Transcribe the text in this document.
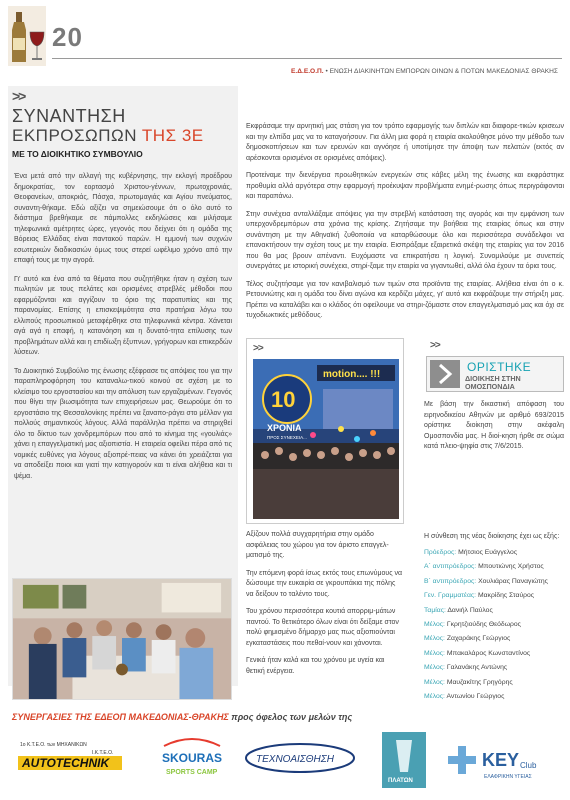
20
Ε.Δ.Ε.Ο.Π. • ΕΝΩΣΗ ΔΙΑΚΙΝΗΤΩΝ ΕΜΠΟΡΩΝ ΟΙΝΩΝ & ΠΟΤΩΝ ΜΑΚΕΔΟΝΙΑΣ ΘΡΑΚΗΣ
>>
ΣΥΝΑΝΤΗΣΗ
ΕΚΠΡΟΣΩΠΩΝ ΤΗΣ 3Ε
ΜΕ ΤΟ ΔΙΟΙΚΗΤΙΚΟ ΣΥΜΒΟΥΛΙΟ

Ένα μετά από την αλλαγή της κυβέρνησης, την εκλογή προέδρου δημοκρατίας, τον εορτασμό Χριστου-γέννων, πρωτοχρονιάς, Θεοφανείων, αποκριάς, Πάσχα, πρωτομαγιάς και Αγίου πνεύματος, συναντη-θήκαμε. Εδώ αξίζει να σημειώσουμε ότι ο όλο αυτό το διάστημα βρεθήκαμε σε πάμπολλες εκδηλώσεις και μιλήσαμε τηλεφωνικά αμέτρητες ώρες, γεγονός που δείχνει ότι η ομάδα της Βόρειας Ελλάδας είναι παντακού παρών. Η εμμονή των συχνών εσωτερικών διαδικασιών όμως τους στερεί ωφέλιμο χρόνο από την επαφή τους με την αγορά.

Γι' αυτό και ένα από τα θέματα που συζητήθηκε ήταν η σχέση των πωλητών με τους πελάτες και ορισμένες στρεβλές μέθοδοι που εφαρμόζονται και αγγίζουν το όριο της παρατυπίας και της παρανομίας. Επίσης η επισκεψιμότητα στα πρατήρια λόγω του ελλιπούς προσωπικού μεταφέρθηκε στα τηλεφωνικά κέντρα. Χάνεται αγά αγά η επαφή, η κατανόηση και η δυνατό-τητα επίλυσης των προβλημάτων αλλά και η επιδίωξη έξυπνων, γρήγορων και επικερδών λύσεων.

Το Διοικητικό Συμβούλιο της ένωσης εξέφρασε τις απόψεις του για την παραπληροφόρηση του καταναλω-τικού κοινού σε σχέση με το κλείσιμο του εργοστασίου και την απόλυση των εργαζομένων. Γεγονός που θίγει την βιωσιμότητα των επιχειρήσεων μας. Θεωρούμε ότι το εργοστάσιο της Θεσσαλονίκης πρέπει να ξαναπο-ράγει στο μέλλον για πολλούς σημαντικούς λόγους. Αλλά παράλληλα πρέπει να στηριχθεί όλο το δίκτυο των χονδρεμπόρων που από το κίνημα της «γουλιάς» χάνει η επαγγελματική μας αξιοπιστία. Η εταιρεία οφείλει πέρα από τις νομικές ευθύνες για λόγους αξιοπρέ-πειας να κάνει ότι χρειάζεται για να αποδείξει ποιοι και γιατί την κατηγορούν και τι είναι αλήθεια και τι ψέμα.

Εκφράσαμε την αρνητική μας στάση για τον τρόπο εφαρμογής των διπλών και διαφορε-τικών κρισεων και την ελπίδα μας να το καταγοήσουν. Για άλλη μια φορά η εταιρία ακολούθησε μόνο την μέθοδο των δημοσκοπήσεων και των ερευνών και αγνόησε ή υποτίμησε την άποψη των πελατών (εκτός αν αρέσκονται ορισμένοι σε ορισμένες απόψεις).

Προτείναμε την διενέργεια προωθητικών ενεργειών στις κάβες μέλη της ένωσης και εκφράστηκε προθυμία αλλά αργότερα στην εφαρμογή προέκυψαν προβλήματα ενημέ-ρωσης όπως περιγράφονται και παραπάνω.

Στην συνέχεια ανταλλάξαμε απόψεις για την στρεβλή κατάσταση της αγοράς και την εμφάνιση των υπερχονδρεμπόρων στα χρόνια της κρίσης. Ζητήσαμε την βοήθεια της εταιρίας όπως και στην συνάντηση με την Αθηναϊκή ζυθοποιία να καταρθώσουμε όλο και περισσότερα συνάδελφοι να επανακτήσουν την σχέση τους με την εταιρία. Εισπράξαμε εξαιρετικά σκέψη της εταιρίας για τον 2016 που θα μας βρουν απέναντι. Ευχόμαστε να επικρατήσει η λογική. Συνομιλούμε με συνεπείς συνεργάτες με ιστορική συνέχεια, στηρί-ξαμε την εταιρία να γιγαντωθεί, αλλά όλα έχουν τα όρια τους.

Τέλος συζητήσαμε για τον κανιβαλισμό των τιμών στα προϊόντα της εταιρίας. Αλήθεια είναι ότι ο κ. Ρετουνιώτης και η ομάδα του δίνει αγώνα και κερδίζει μάχες, γι' αυτό και εκφράζουμε την στήριξη μας. Πρέπει να καταλάβει και ο κλάδος ότι οφείλουμε να στηρι-ζόμαστε στον επαγγελματισμό μας και όχι σε τυχοδιωκτικές μεθόδους.

>>
motion.... !!!
10
ΧΡΟΝΙΑ
ΠΡΟΣ ΣΥΝΕΧΕΙΑ...

Αξίζουν πολλά συγχαρητήρια στην ομάδο ασφάλειας του χώρου για τον άριστο επαγγελ-ματισμό της.

Την επόμενη φορά ίσως εκτός τους επωνύμους να δώσουμε την ευκαιρία σε γκρουπάκια της πόλης να δείξουν το ταλέντο τους.

Του χρόνου περισσότερα κουτιά απορριμ-μάτων παντού. Το θετικότερο όλων είναι ότι δείξαμε στον πολύ φημισμένο δήμαρχο μας πως αξιοπιούνται εγκαταστάσεις που πεθαί-νουν και χάνονται.

Γενικά ήταν καλά και του χρόνου με υγεία και θετική ενέργεια.

>>
ΟΡΙΣΤΗΚΕ
ΔΙΟΙΚΗΣΗ ΣΤΗΝ
ΟΜΟΣΠΟΝΔΙΑ

Με βάση την δικαστική απόφαση του ειρηνοδικείου Αθηνών με αριθμό 693/2015 ορίστηκε διοίκηση στην ακέφαλη Ομοσπονδία μας. Η διοί-κηση ήρθε σε σώμα κατά πλειο-ψηφία στις 7/6/2015.

Η σύνθεση της νέας διοίκησης έχει ως εξής:
Πρόεδρος: Μήτσιος Ευάγγελος
Α΄ αντιπρόεδρος: Μπουτιώνης Χρήστος
Β΄ αντιπρόεδρος: Χουλιάρας Παναγιώτης
Γεν. Γραμματέας: Μακρίδης Σταύρος
Ταμίας: Δανιήλ Παύλος
Μέλος: Γκρητζιούδης Θεόδωρος
Μέλος: Ζαχαράκης Γεώργιος
Μέλος: Μπακαλάρος Κωνσταντίνος
Μέλος: Γαλανάκης Αντώνης
Μέλος: Μαυζακίτης Γρηγόρης
Μέλος: Αντωνίου Γεώργιος
ΣΥΝΕΡΓΑΣΙΕΣ ΤΗΣ ΕΔΕΟΠ ΜΑΚΕΔΟΝΙΑΣ-ΘΡΑΚΗΣ προς όφελος των μελών της
1ο Κ.Τ.Ε.Ο. των ΜΗΧΑΝΙΚΩΝ
Ι.Κ.Τ.Ε.Ο.
AUTOTECHNIK	SKOURAS
SPORTS CAMP
ΤΕΧΝΟΑΙΣΘΗΣΗ
ΠΛΑΤΩΝ
KEY Club
ΕΛΑΦΡΙΚΗΝ ΥΓΕΙΑΣ
